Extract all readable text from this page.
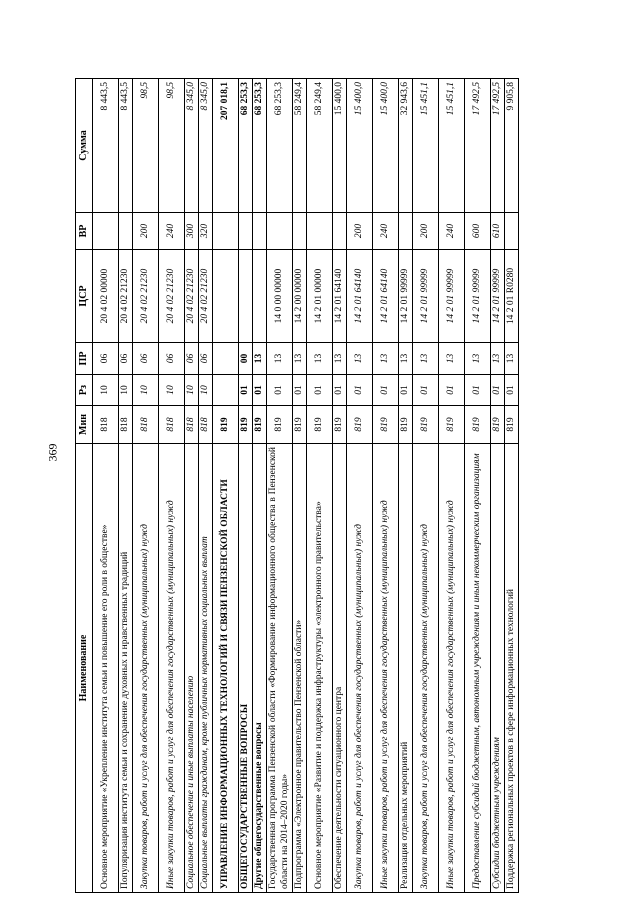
369
Наименование	Мин	Рз	ПР	ЦСР	ВР	Сумма
Основное мероприятие «Укрепление института семьи и повышение его роли в обществе»	818	10	06	20 4 02 00000		8 443,5
Популяризация института семьи и сохранение духовных и нравственных традиций	818	10	06	20 4 02 21230		8 443,5
Закупка товаров, работ и услуг для обеспечения государственных (муниципальных) нужд	818	10	06	20 4 02 21230	200	98,5
Иные закупки товаров, работ и услуг для обеспечения государственных (муниципальных) нужд	818	10	06	20 4 02 21230	240	98,5
Социальное обеспечение и иные выплаты населению	818	10	06	20 4 02 21230	300	8 345,0
Социальные выплаты гражданам, кроме публичных нормативных социальных выплат	818	10	06	20 4 02 21230	320	8 345,0
УПРАВЛЕНИЕ ИНФОРМАЦИОННЫХ ТЕХНОЛОГИЙ И СВЯЗИ ПЕНЗЕНСКОЙ ОБЛАСТИ	819					207 018,1
ОБЩЕГОСУДАРСТВЕННЫЕ ВОПРОСЫ	819	01	00			68 253,3
Другие общегосударственные вопросы	819	01	13			68 253,3
Государственная программа Пензенской области «Формирование информационного общества в Пензенской области на 2014–2020 годы»	819	01	13	14 0 00 00000		68 253,3
Подпрограмма «Электронное правительство Пензенской области»	819	01	13	14 2 00 00000		58 249,4
Основное мероприятие «Развитие и поддержка инфраструктуры «электронного правительства»	819	01	13	14 2 01 00000		58 249,4
Обеспечение деятельности ситуационного центра	819	01	13	14 2 01 64140		15 400,0
Закупка товаров, работ и услуг для обеспечения государственных (муниципальных) нужд	819	01	13	14 2 01 64140	200	15 400,0
Иные закупки товаров, работ и услуг для обеспечения государственных (муниципальных) нужд	819	01	13	14 2 01 64140	240	15 400,0
Реализация отдельных мероприятий	819	01	13	14 2 01 99999		32 943,6
Закупка товаров, работ и услуг для обеспечения государственных (муниципальных) нужд	819	01	13	14 2 01 99999	200	15 451,1
Иные закупки товаров, работ и услуг для обеспечения государственных (муниципальных) нужд	819	01	13	14 2 01 99999	240	15 451,1
Предоставление субсидий бюджетным, автономным учреждениям и иным некоммерческим организациям	819	01	13	14 2 01 99999	600	17 492,5
Субсидии бюджетным учреждениям	819	01	13	14 2 01 99999	610	17 492,5
Поддержка региональных проектов в сфере информационных технологий	819	01	13	14 2 01 R0280		9 905,8
